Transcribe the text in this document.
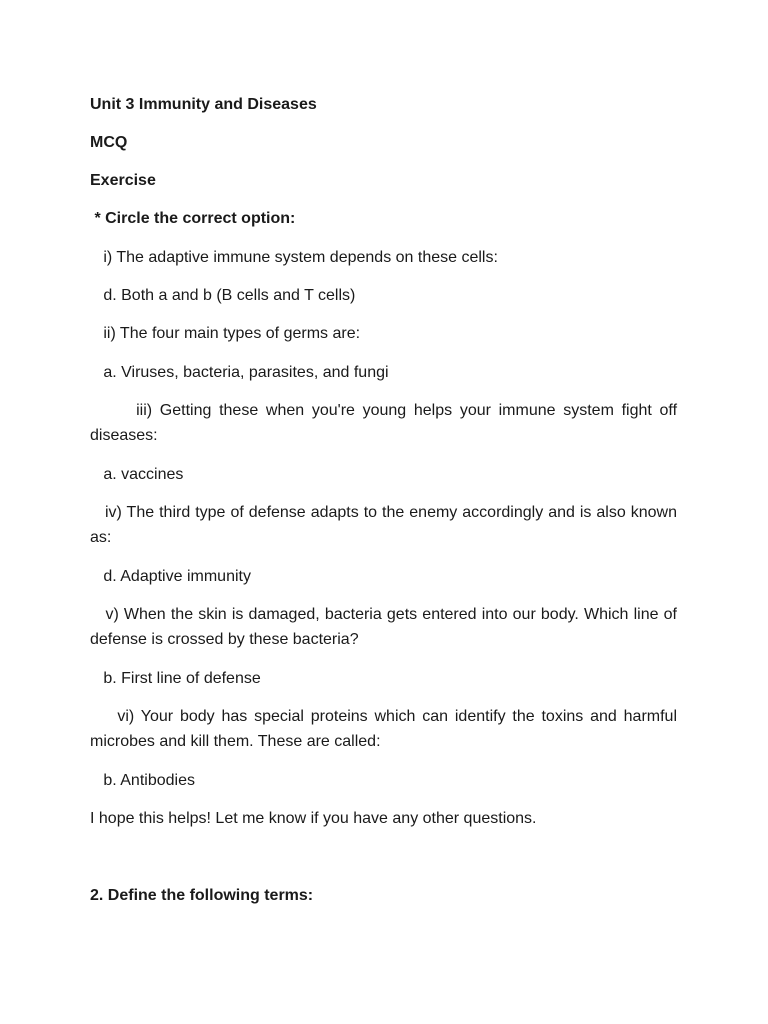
Unit 3 Immunity and Diseases
MCQ
Exercise
* Circle the correct option:
i) The adaptive immune system depends on these cells:
d. Both a and b (B cells and T cells)
ii) The four main types of germs are:
a. Viruses, bacteria, parasites, and fungi
iii) Getting these when you're young helps your immune system fight off diseases:
a. vaccines
iv) The third type of defense adapts to the enemy accordingly and is also known as:
d. Adaptive immunity
v) When the skin is damaged, bacteria gets entered into our body. Which line of defense is crossed by these bacteria?
b. First line of defense
vi) Your body has special proteins which can identify the toxins and harmful microbes and kill them. These are called:
b. Antibodies
I hope this helps! Let me know if you have any other questions.
2. Define the following terms:
